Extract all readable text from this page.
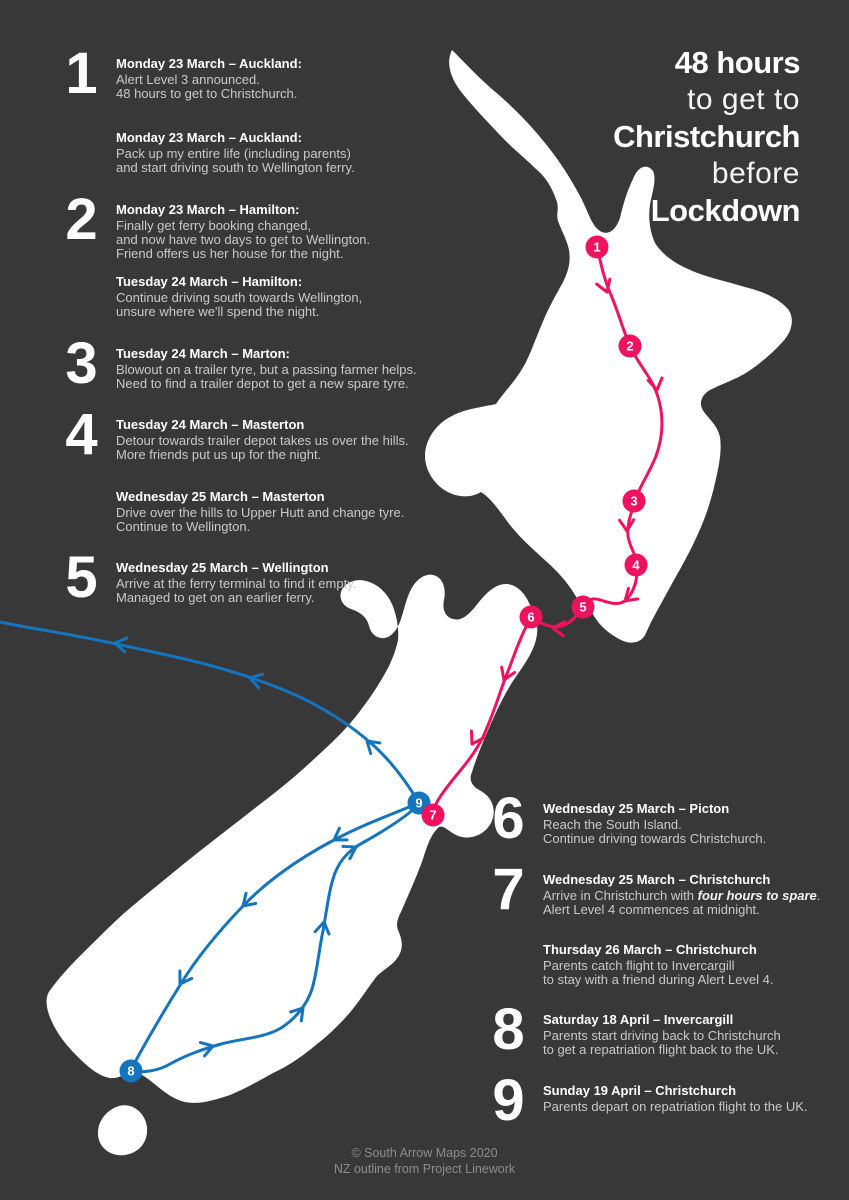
1
2
3
4
5
6
9
7
8
48 hours
to get to
Christchurch
before
Lockdown
1	Monday 23 March – Auckland:
Alert Level 3 announced.
48 hours to get to Christchurch.
Monday 23 March – Auckland:
Pack up my entire life (including parents)
and start driving south to Wellington ferry.
2	Monday 23 March – Hamilton:
Finally get ferry booking changed,
and now have two days to get to Wellington.
Friend offers us her house for the night.
Tuesday 24 March – Hamilton:
Continue driving south towards Wellington,
unsure where we'll spend the night.
3	Tuesday 24 March – Marton:
Blowout on a trailer tyre, but a passing farmer helps.
Need to find a trailer depot to get a new spare tyre.
4	Tuesday 24 March – Masterton
Detour towards trailer depot takes us over the hills.
More friends put us up for the night.
Wednesday 25 March – Masterton
Drive over the hills to Upper Hutt and change tyre.
Continue to Wellington.
5	Wednesday 25 March – Wellington
Arrive at the ferry terminal to find it empty.
Managed to get on an earlier ferry.
6	Wednesday 25 March – Picton
Reach the South Island.
Continue driving towards Christchurch.
7	Wednesday 25 March – Christchurch
Arrive in Christchurch with four hours to spare.
Alert Level 4 commences at midnight.
Thursday 26 March – Christchurch
Parents catch flight to Invercargill
to stay with a friend during Alert Level 4.
8	Saturday 18 April – Invercargill
Parents start driving back to Christchurch
to get a repatriation flight back to the UK.
9	Sunday 19 April – Christchurch
Parents depart on repatriation flight to the UK.
© South Arrow Maps 2020
NZ outline from Project Linework
